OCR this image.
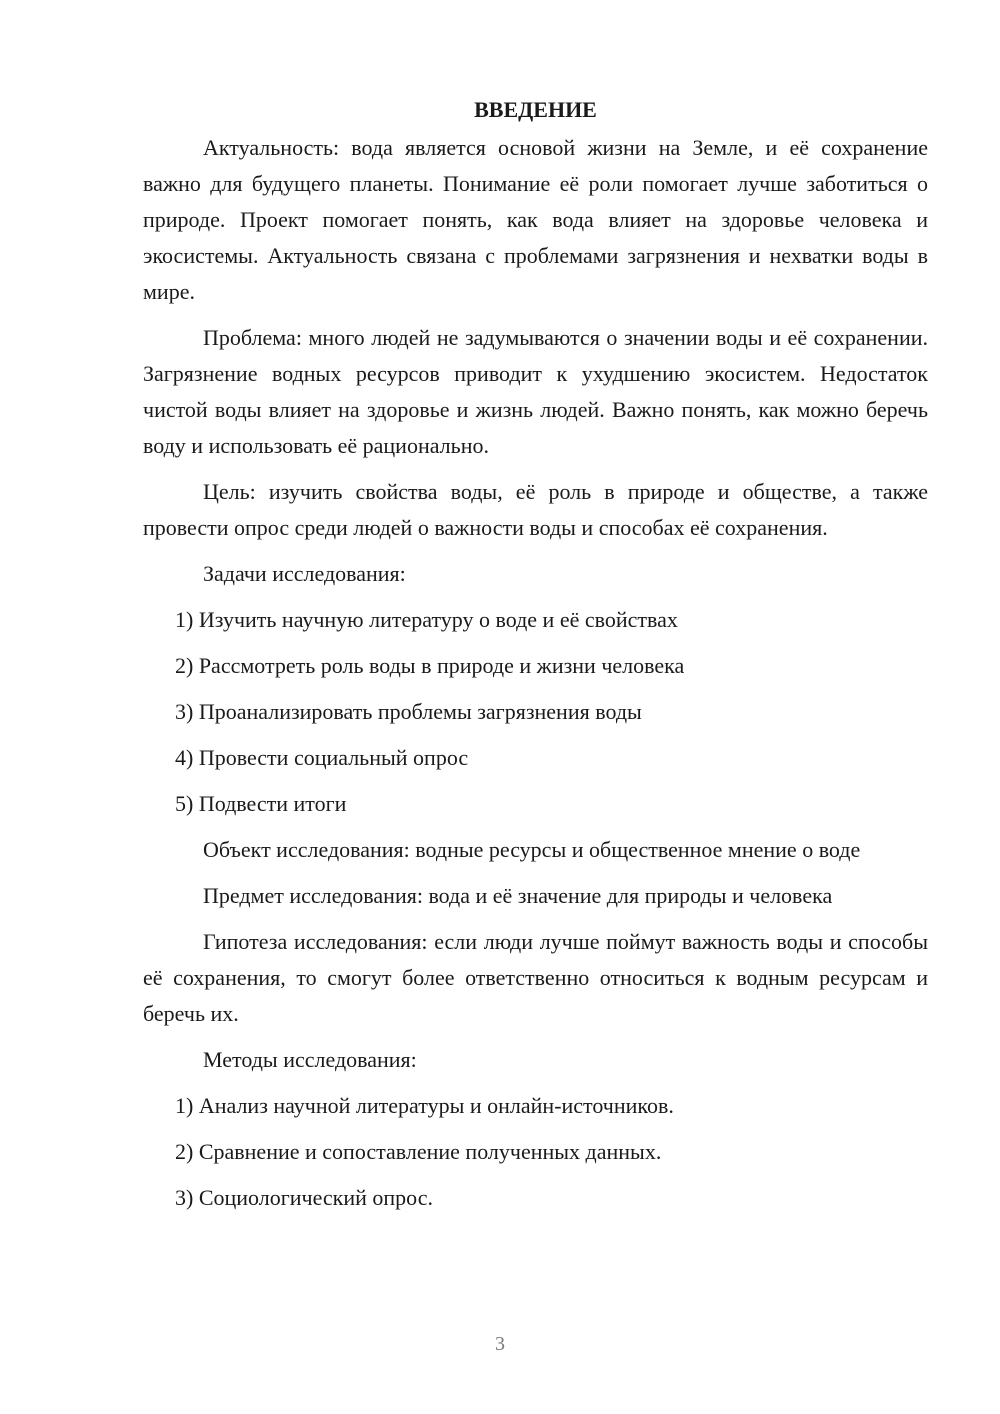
ВВЕДЕНИЕ

Актуальность: вода является основой жизни на Земле, и её сохранение важно для будущего планеты. Понимание её роли помогает лучше заботиться о природе. Проект помогает понять, как вода влияет на здоровье человека и экосистемы. Актуальность связана с проблемами загрязнения и нехватки воды в мире.

Проблема: много людей не задумываются о значении воды и её сохранении. Загрязнение водных ресурсов приводит к ухудшению экосистем. Недостаток чистой воды влияет на здоровье и жизнь людей. Важно понять, как можно беречь воду и использовать её рационально.

Цель: изучить свойства воды, её роль в природе и обществе, а также провести опрос среди людей о важности воды и способах её сохранения.

Задачи исследования:

1) Изучить научную литературу о воде и её свойствах
2) Рассмотреть роль воды в природе и жизни человека
3) Проанализировать проблемы загрязнения воды
4) Провести социальный опрос
5) Подвести итоги

Объект исследования: водные ресурсы и общественное мнение о воде

Предмет исследования: вода и её значение для природы и человека

Гипотеза исследования: если люди лучше поймут важность воды и способы её сохранения, то смогут более ответственно относиться к водным ресурсам и беречь их.

Методы исследования:

1) Анализ научной литературы и онлайн-источников.
2) Сравнение и сопоставление полученных данных.
3) Социологический опрос.
3
